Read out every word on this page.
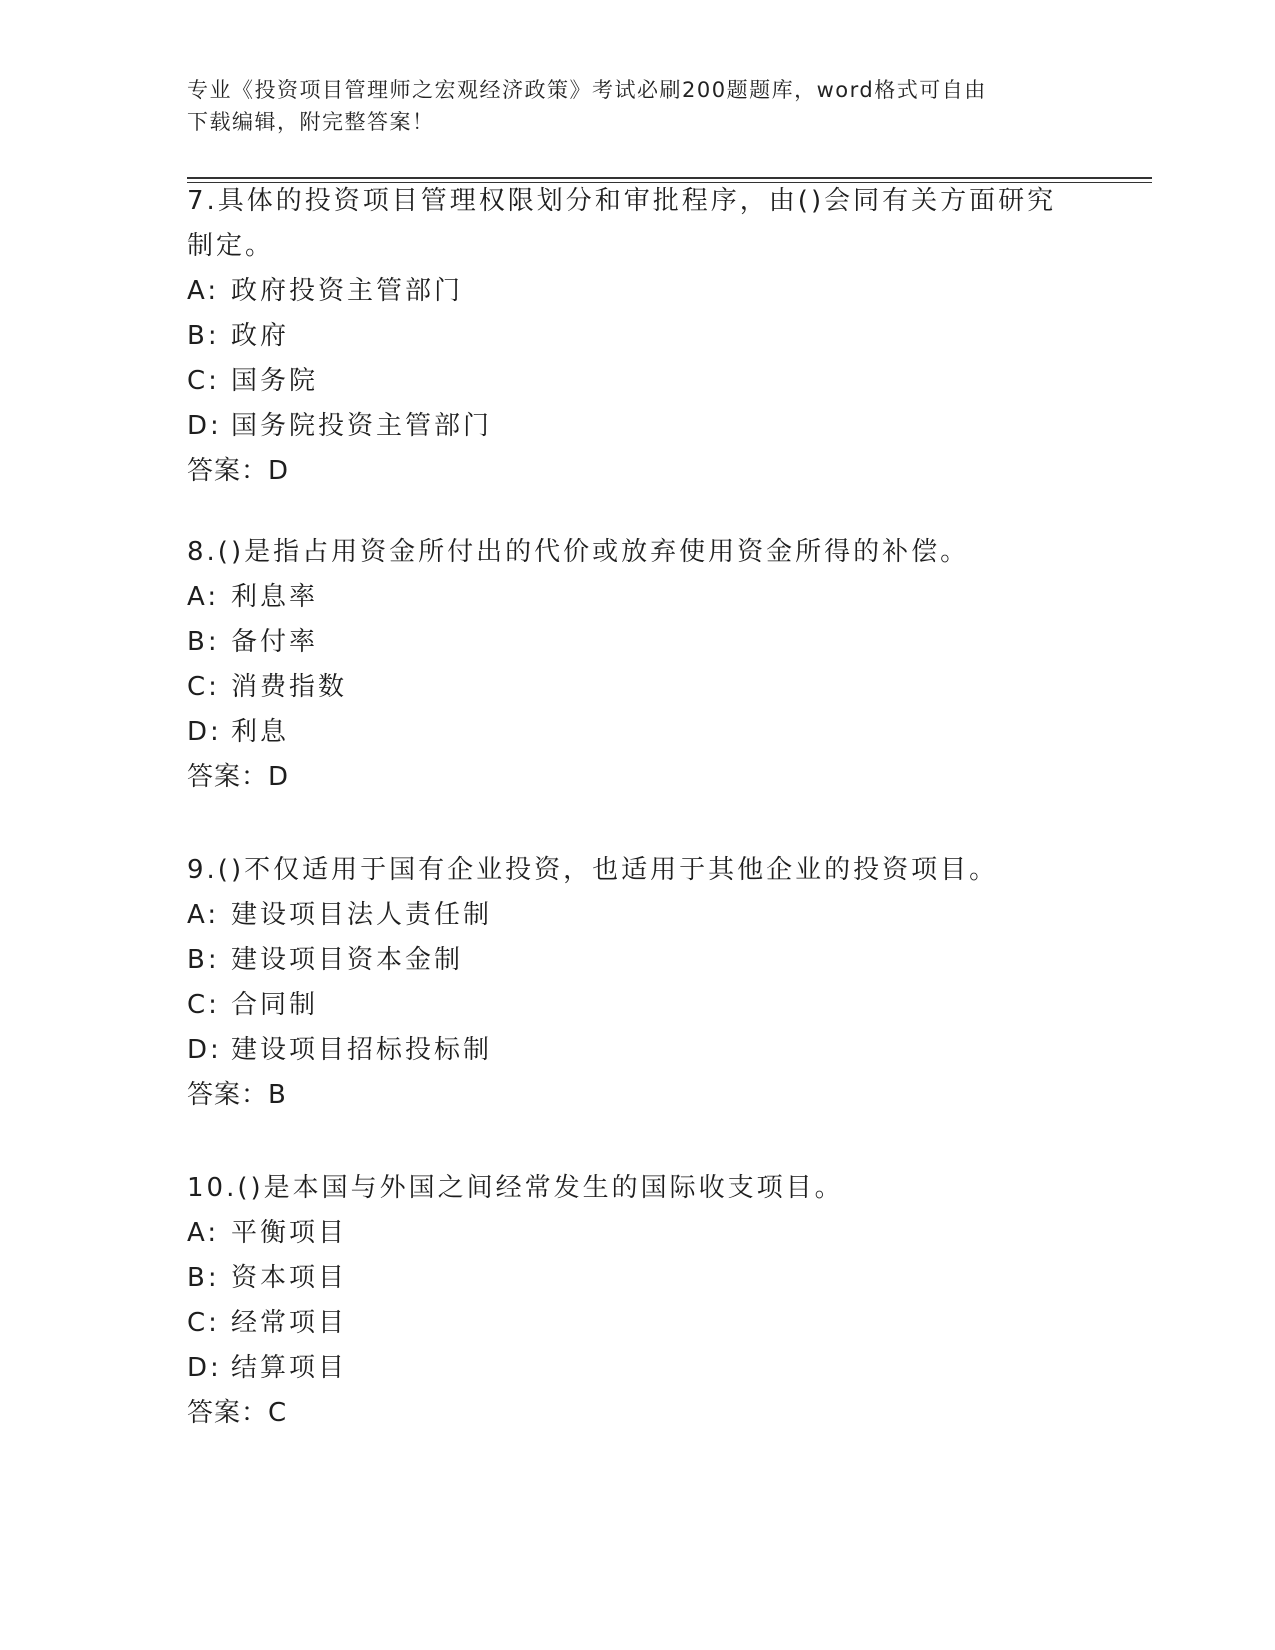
专业《投资项目管理师之宏观经济政策》考试必刷200题题库，word格式可自由
下载编辑，附完整答案！

7.具体的投资项目管理权限划分和审批程序，由()会同有关方面研究

制定。

A: 政府投资主管部门

B: 政府

C: 国务院

D: 国务院投资主管部门

答案：D

8.()是指占用资金所付出的代价或放弃使用资金所得的补偿。

A: 利息率

B: 备付率

C: 消费指数

D: 利息

答案：D

9.()不仅适用于国有企业投资，也适用于其他企业的投资项目。

A: 建设项目法人责任制

B: 建设项目资本金制

C: 合同制

D: 建设项目招标投标制

答案：B

10.()是本国与外国之间经常发生的国际收支项目。

A: 平衡项目

B: 资本项目

C: 经常项目

D: 结算项目

答案：C
